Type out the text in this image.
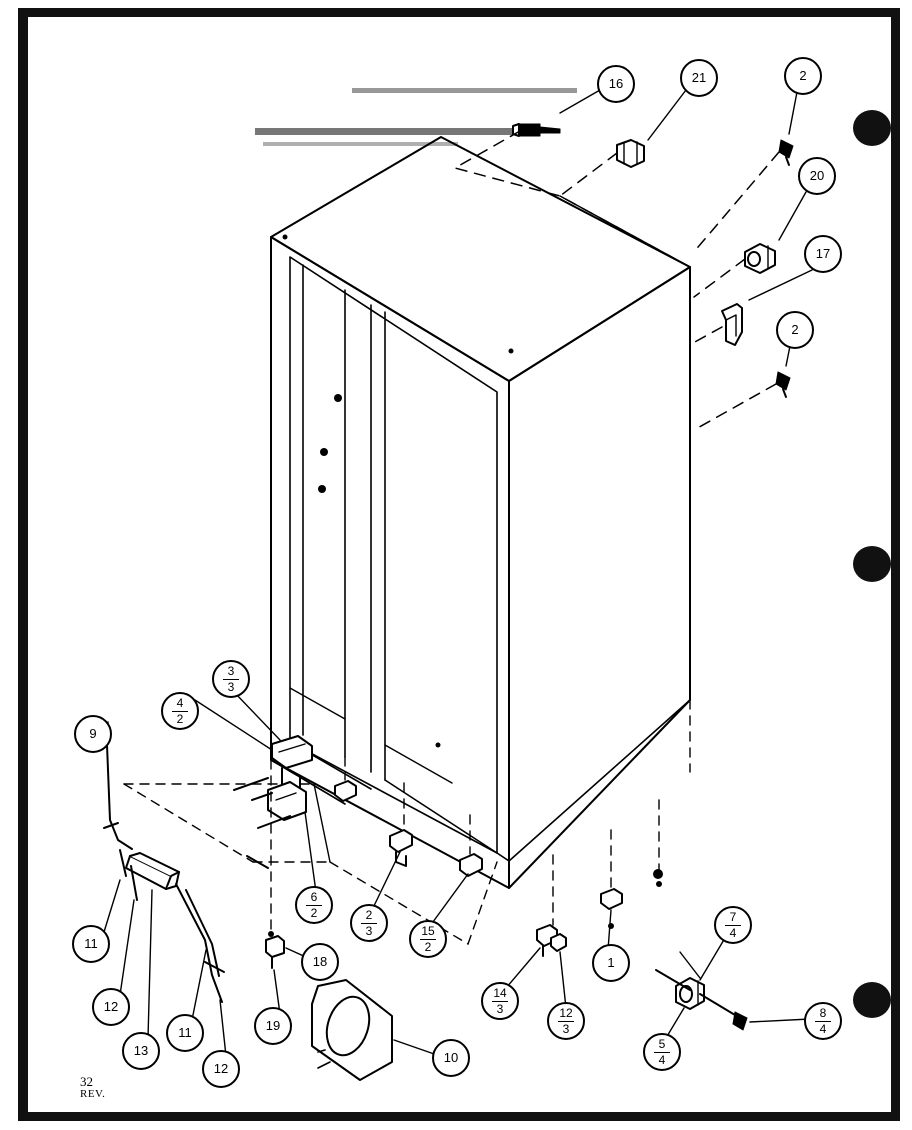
16	21	2
20
17
2
3
3
4
2
9
6
2	2
3	15
2
11
18
7
4
1
14
3	12
3
12
19
11
13
12
10
8
4
5
4
32
REV.
